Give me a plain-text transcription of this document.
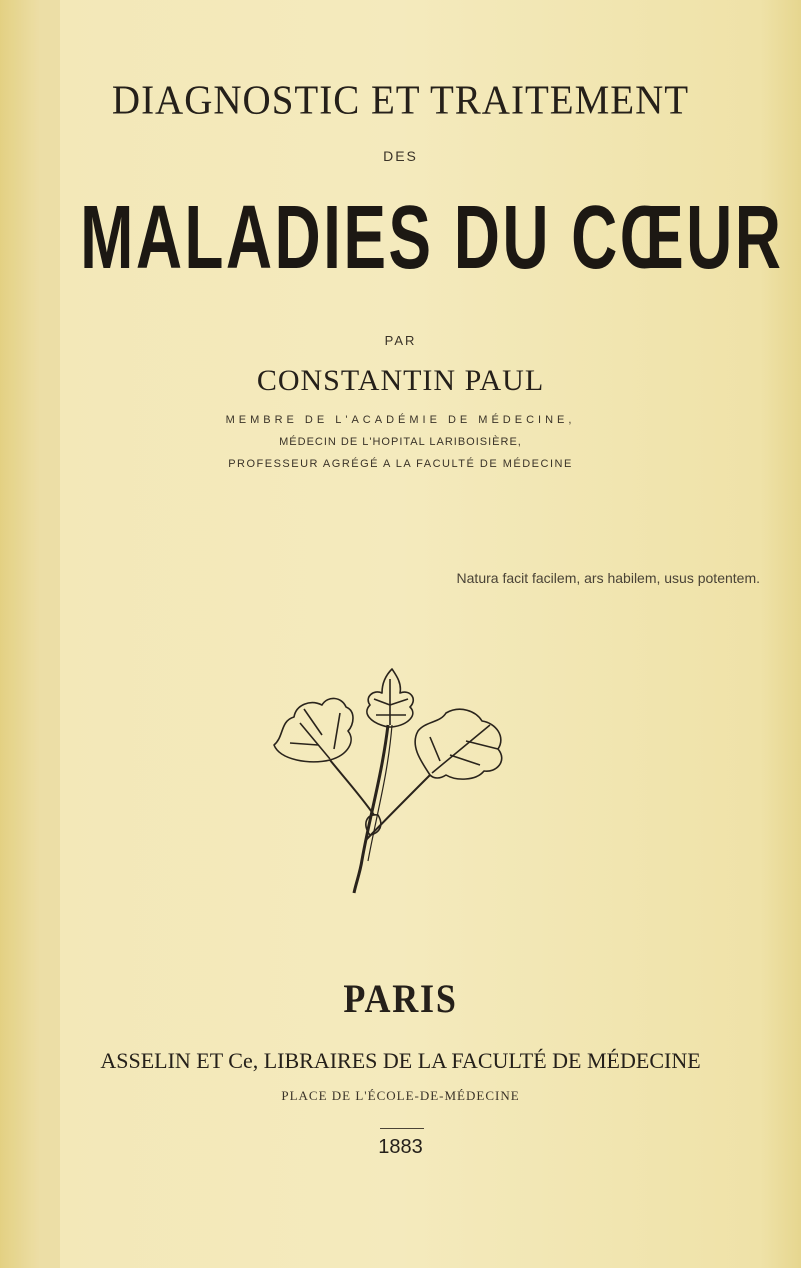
DIAGNOSTIC ET TRAITEMENT
DES
MALADIES DU CŒUR
PAR
CONSTANTIN PAUL
MEMBRE DE L'ACADÉMIE DE MÉDECINE,
MÉDECIN DE L'HOPITAL LARIBOISIÈRE,
PROFESSEUR AGRÉGÉ A LA FACULTÉ DE MÉDECINE
Natura facit facilem, ars habilem, usus potentem.
PARIS
ASSELIN ET Ce, LIBRAIRES DE LA FACULTÉ DE MÉDECINE
PLACE DE L'ÉCOLE-DE-MÉDECINE
1883
